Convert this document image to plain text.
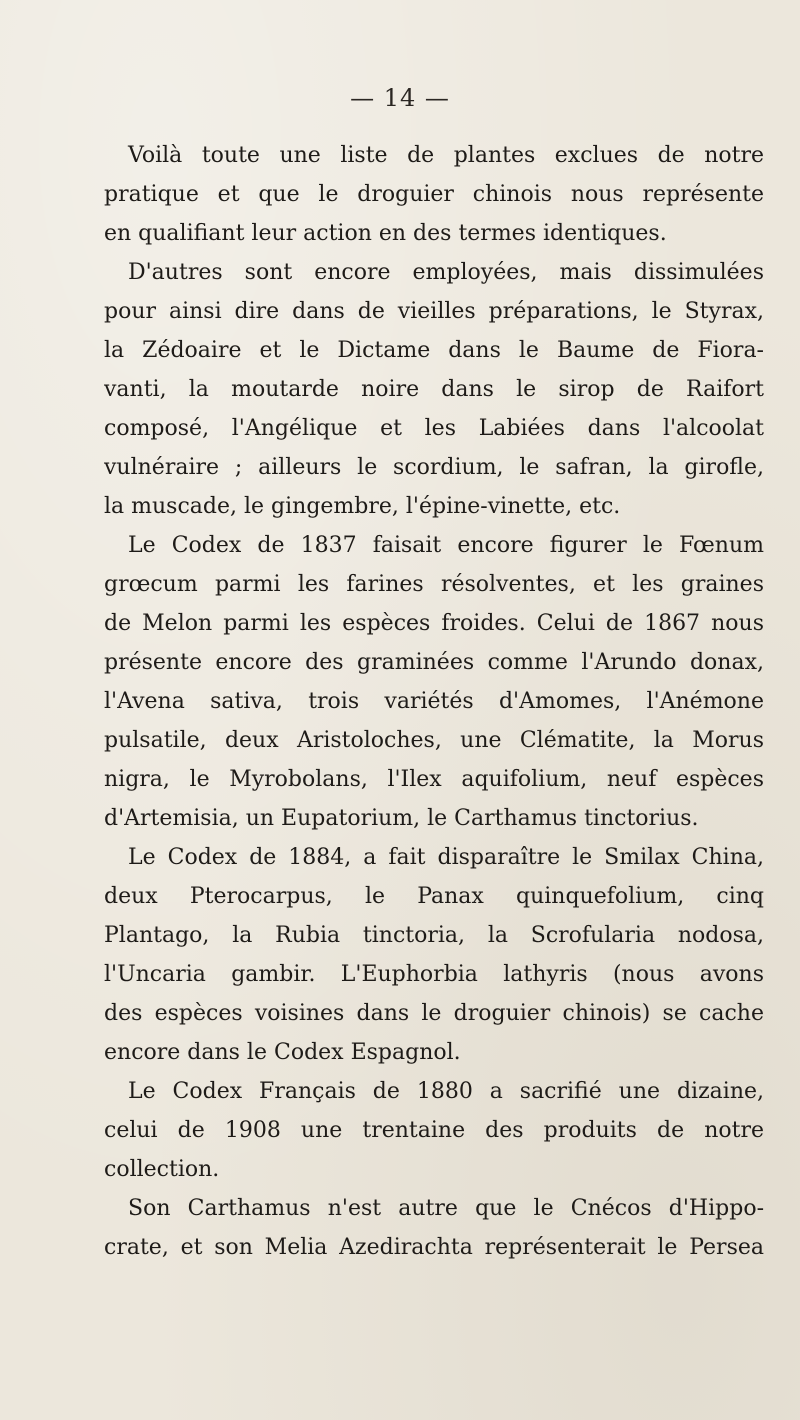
— 14 —
Voilà toute une liste de plantes exclues de notre
pratique et que le droguier chinois nous représente
en qualifiant leur action en des termes identiques.
D'autres sont encore employées, mais dissimulées
pour ainsi dire dans de vieilles préparations, le Styrax,
la Zédoaire et le Dictame dans le Baume de Fiora-
vanti, la moutarde noire dans le sirop de Raifort
composé, l'Angélique et les Labiées dans l'alcoolat
vulnéraire ; ailleurs le scordium, le safran, la girofle,
la muscade, le gingembre, l'épine-vinette, etc.
Le Codex de 1837 faisait encore figurer le Fœnum
grœcum parmi les farines résolventes, et les graines
de Melon parmi les espèces froides. Celui de 1867 nous
présente encore des graminées comme l'Arundo donax,
l'Avena sativa, trois variétés d'Amomes, l'Anémone
pulsatile, deux Aristoloches, une Clématite, la Morus
nigra, le Myrobolans, l'Ilex aquifolium, neuf espèces
d'Artemisia, un Eupatorium, le Carthamus tinctorius.
Le Codex de 1884, a fait disparaître le Smilax China,
deux Pterocarpus, le Panax quinquefolium, cinq
Plantago, la Rubia tinctoria, la Scrofularia nodosa,
l'Uncaria gambir. L'Euphorbia lathyris (nous avons
des espèces voisines dans le droguier chinois) se cache
encore dans le Codex Espagnol.
Le Codex Français de 1880 a sacrifié une dizaine,
celui de 1908 une trentaine des produits de notre
collection.
Son Carthamus n'est autre que le Cnécos d'Hippo-
crate, et son Melia Azedirachta représenterait le Persea
